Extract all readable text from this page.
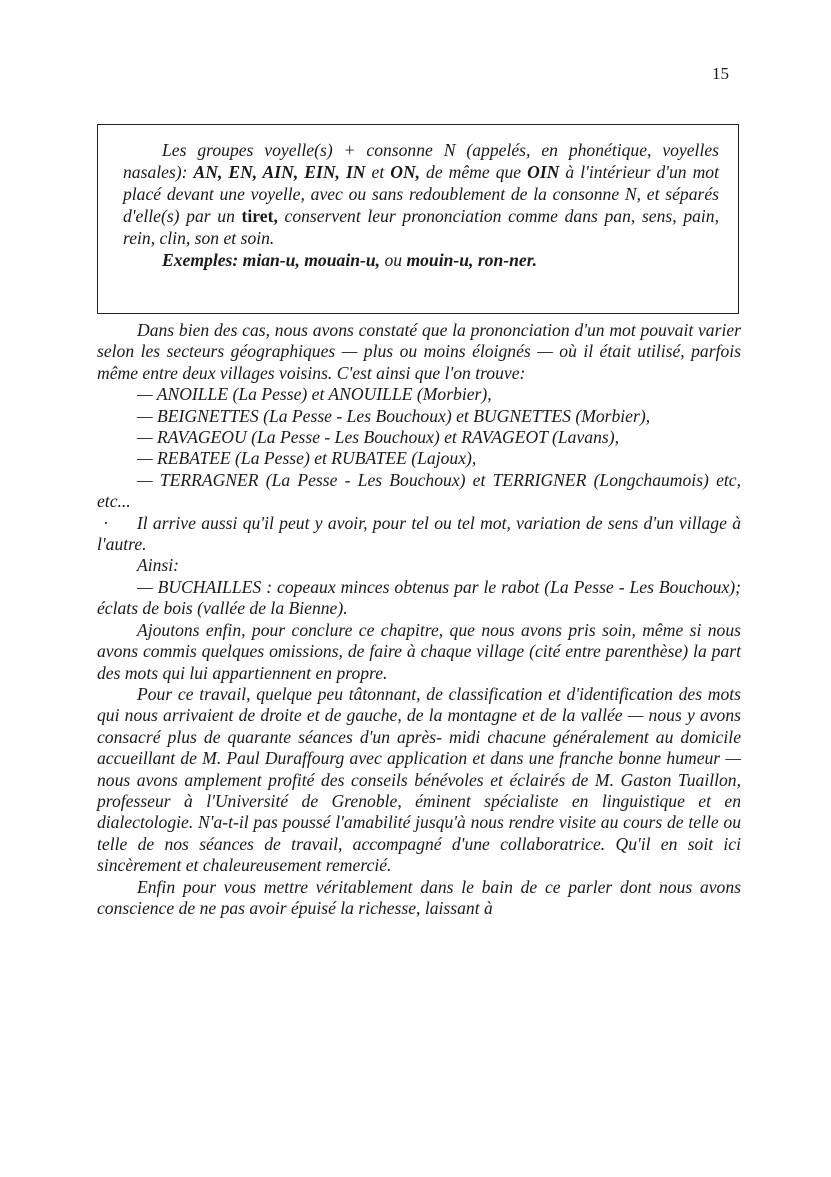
15

Les groupes voyelle(s) + consonne N (appelés, en phonétique, voyelles nasales): AN, EN, AIN, EIN, IN et ON, de même que OIN à l'intérieur d'un mot placé devant une voyelle, avec ou sans redoublement de la consonne N, et séparés d'elle(s) par un tiret, conservent leur prononciation comme dans pan, sens, pain, rein, clin, son et soin.

Exemples: mian-u, mouain-u, ou mouin-u, ron-ner.

Dans bien des cas, nous avons constaté que la prononciation d'un mot pouvait varier selon les secteurs géographiques — plus ou moins éloignés — où il était utilisé, parfois même entre deux villages voisins. C'est ainsi que l'on trouve:

— ANOILLE (La Pesse) et ANOUILLE (Morbier),

— BEIGNETTES (La Pesse - Les Bouchoux) et BUGNETTES (Morbier),

— RAVAGEOU (La Pesse - Les Bouchoux) et RAVAGEOT (Lavans),

— REBATEE (La Pesse) et RUBATEE (Lajoux),

— TERRAGNER (La Pesse - Les Bouchoux) et TERRIGNER (Longchaumois) etc, etc...

· Il arrive aussi qu'il peut y avoir, pour tel ou tel mot, variation de sens d'un village à l'autre.

Ainsi:

— BUCHAILLES : copeaux minces obtenus par le rabot (La Pesse - Les Bouchoux); éclats de bois (vallée de la Bienne).

Ajoutons enfin, pour conclure ce chapitre, que nous avons pris soin, même si nous avons commis quelques omissions, de faire à chaque village (cité entre parenthèse) la part des mots qui lui appartiennent en propre.

Pour ce travail, quelque peu tâtonnant, de classification et d'identification des mots qui nous arrivaient de droite et de gauche, de la montagne et de la vallée — nous y avons consacré plus de quarante séances d'un après- midi chacune généralement au domicile accueillant de M. Paul Duraffourg avec application et dans une franche bonne humeur — nous avons amplement profité des conseils bénévoles et éclairés de M. Gaston Tuaillon, professeur à l'Université de Grenoble, éminent spécialiste en linguistique et en dialectologie. N'a-t-il pas poussé l'amabilité jusqu'à nous rendre visite au cours de telle ou telle de nos séances de travail, accompagné d'une collaboratrice. Qu'il en soit ici sincèrement et chaleureusement remercié.

Enfin pour vous mettre véritablement dans le bain de ce parler dont nous avons conscience de ne pas avoir épuisé la richesse, laissant à
